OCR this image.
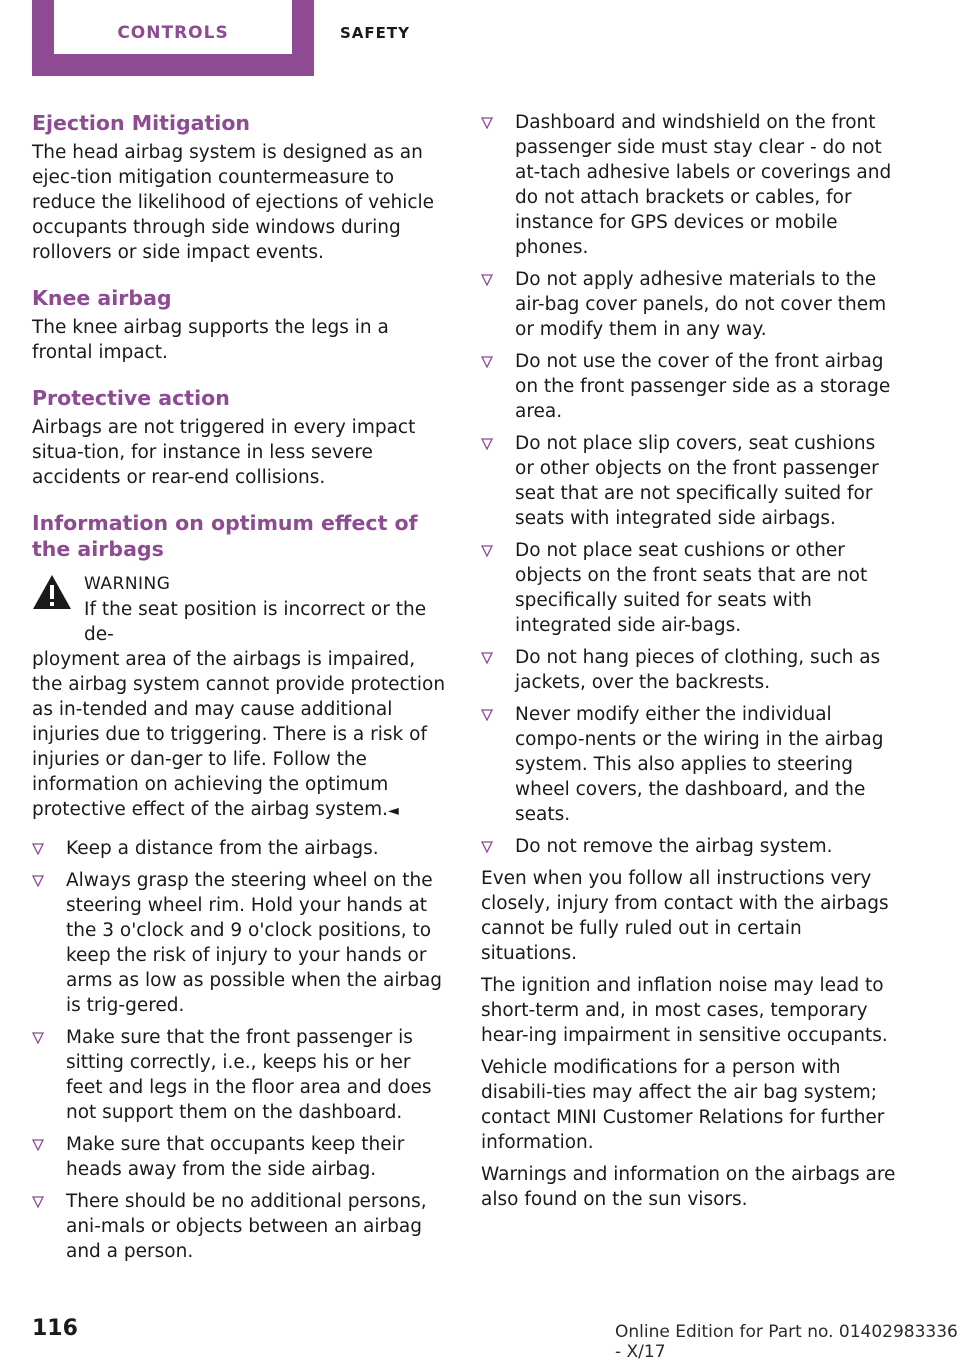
CONTROLS	SAFETY
Ejection Mitigation

The head airbag system is designed as an ejec-tion mitigation countermeasure to reduce the likelihood of ejections of vehicle occupants through side windows during rollovers or side impact events.

Knee airbag

The knee airbag supports the legs in a frontal impact.

Protective action

Airbags are not triggered in every impact situa-tion, for instance in less severe accidents or rear-end collisions.

Information on optimum effect of the airbags
WARNING
If the seat position is incorrect or the de-

ployment area of the airbags is impaired, the airbag system cannot provide protection as in-tended and may cause additional injuries due to triggering. There is a risk of injuries or dan-ger to life. Follow the information on achieving the optimum protective effect of the airbag system.◄

Keep a distance from the airbags.
Always grasp the steering wheel on the steering wheel rim. Hold your hands at the 3 o'clock and 9 o'clock positions, to keep the risk of injury to your hands or arms as low as possible when the airbag is trig-gered.
Make sure that the front passenger is sitting correctly, i.e., keeps his or her feet and legs in the floor area and does not support them on the dashboard.
Make sure that occupants keep their heads away from the side airbag.
There should be no additional persons, ani-mals or objects between an airbag and a person.
Dashboard and windshield on the front passenger side must stay clear - do not at-tach adhesive labels or coverings and do not attach brackets or cables, for instance for GPS devices or mobile phones.
Do not apply adhesive materials to the air-bag cover panels, do not cover them or modify them in any way.
Do not use the cover of the front airbag on the front passenger side as a storage area.
Do not place slip covers, seat cushions or other objects on the front passenger seat that are not specifically suited for seats with integrated side airbags.
Do not place seat cushions or other objects on the front seats that are not specifically suited for seats with integrated side air-bags.
Do not hang pieces of clothing, such as jackets, over the backrests.
Never modify either the individual compo-nents or the wiring in the airbag system. This also applies to steering wheel covers, the dashboard, and the seats.
Do not remove the airbag system.

Even when you follow all instructions very closely, injury from contact with the airbags cannot be fully ruled out in certain situations.

The ignition and inflation noise may lead to short-term and, in most cases, temporary hear-ing impairment in sensitive occupants.

Vehicle modifications for a person with disabili-ties may affect the air bag system; contact MINI Customer Relations for further information.

Warnings and information on the airbags are also found on the sun visors.

116	Online Edition for Part no. 01402983336 - X/17
